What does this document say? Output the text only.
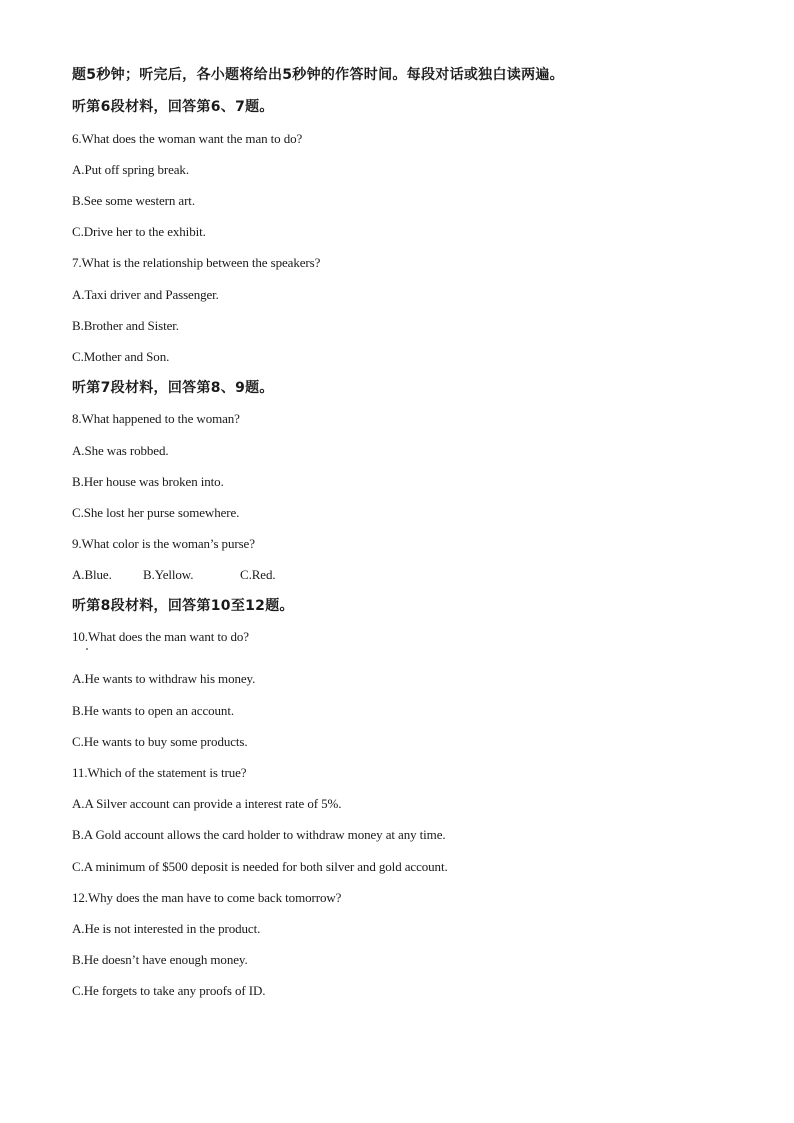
题5秒钟；听完后，各小题将给出5秒钟的作答时间。每段对话或独白读两遍。
听第6段材料，回答第6、7题。
6.What does the woman want the man to do?
A.Put off spring break.
B.See some western art.
C.Drive her to the exhibit.
7.What is the relationship between the speakers?
A.Taxi driver and Passenger.
B.Brother and Sister.
C.Mother and Son.
听第7段材料，回答第8、9题。
8.What happened to the woman?
A.She was robbed.
B.Her house was broken into.
C.She lost her purse somewhere.
9.What color is the woman’s purse?
A.Blue. B.Yellow.	C.Red.
听第8段材料，回答第10至12题。
10.What does the man want to do?
A.He wants to withdraw his money.
B.He wants to open an account.
C.He wants to buy some products.
11.Which of the statement is true?
A.A Silver account can provide a interest rate of 5%.
B.A Gold account allows the card holder to withdraw money at any time.
C.A minimum of $500 deposit is needed for both silver and gold account.
12.Why does the man have to come back tomorrow?
A.He is not interested in the product.
B.He doesn’t have enough money.
C.He forgets to take any proofs of ID.
